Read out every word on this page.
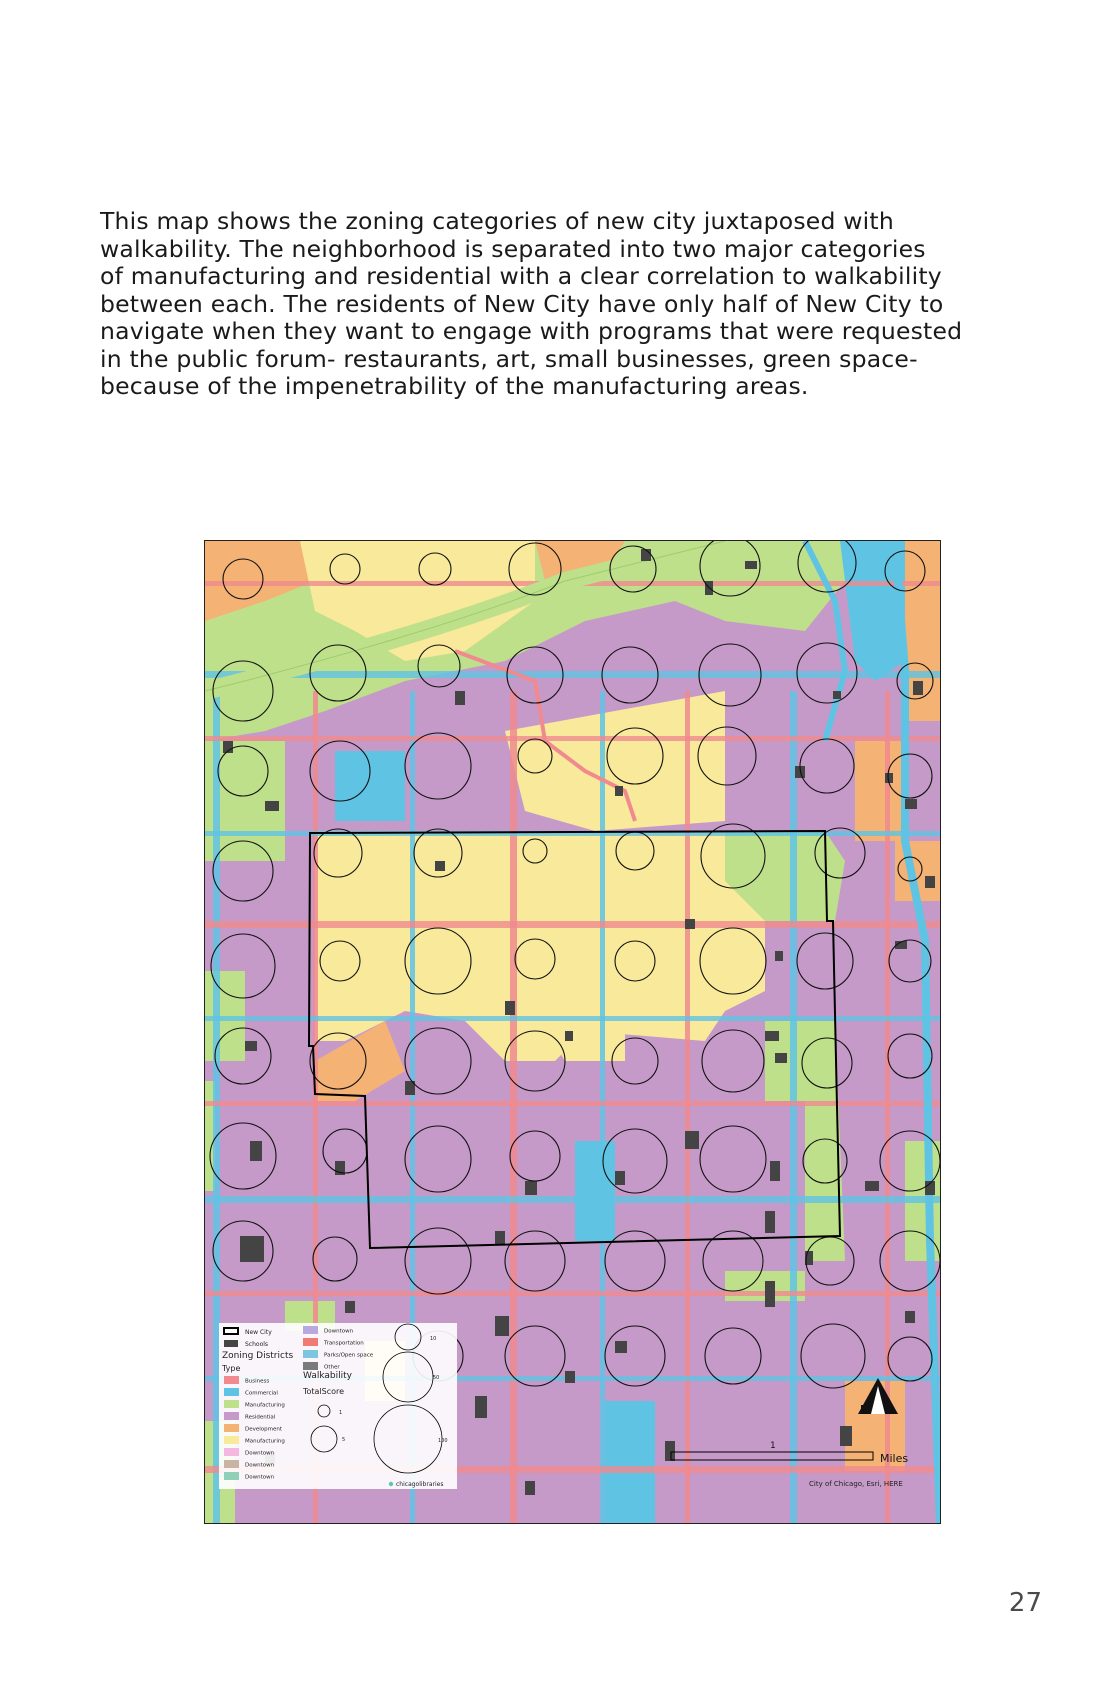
This map shows the zoning categories of new city juxtaposed with
walkability. The neighborhood is separated into two major categories
of manufacturing and residential with a clear correlation to walkability
between each. The residents of New City have only half of New City to
navigate when they want to engage with programs that were requested
in the public forum- restaurants, art, small businesses, green space-
because of the impenetrability of the manufacturing areas.
New City
Schools
Zoning Districts
Type
Business
Commercial
Manufacturing
Residential
Development
Manufacturing
Downtown
Downtown
Downtown
Downtown
Transportation
Parks/Open space
Other
Walkability
TotalScore
1
5
10
50
100
chicagolibraries
1
Miles
City of Chicago, Esri, HERE
27
